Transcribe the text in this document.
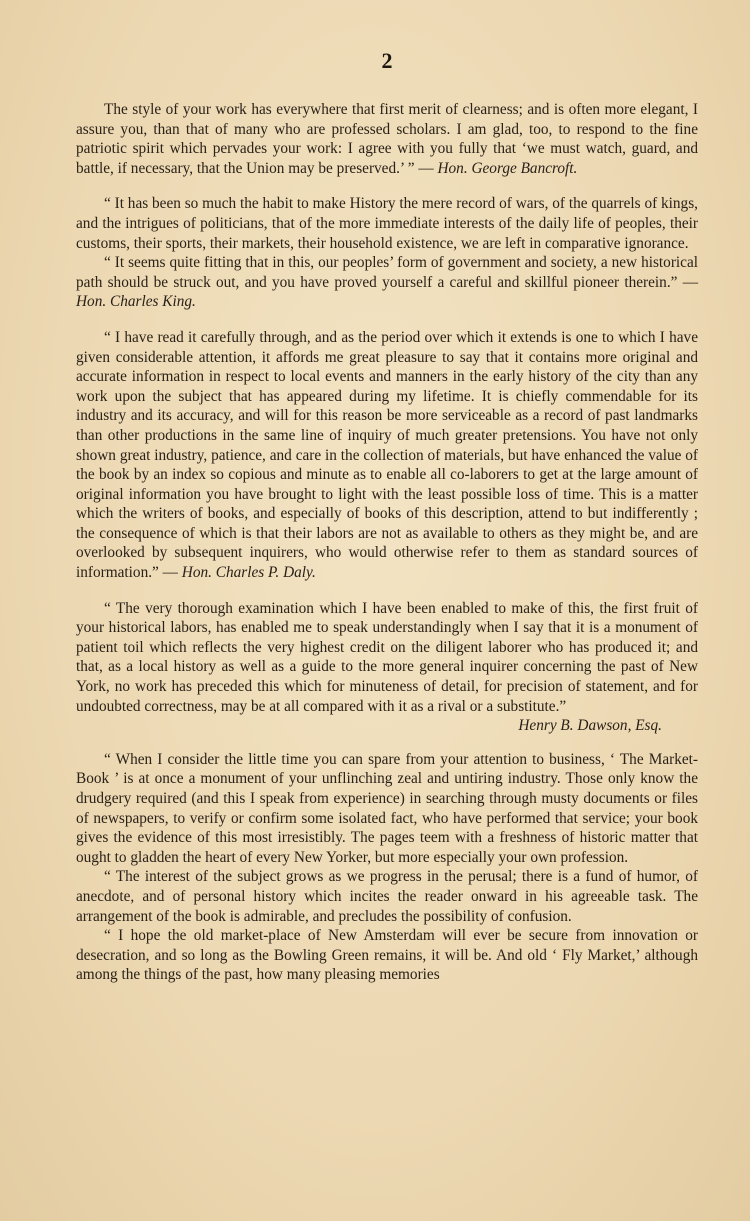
2

The style of your work has everywhere that first merit of clearness; and is often more elegant, I assure you, than that of many who are professed scholars. I am glad, too, to respond to the fine patriotic spirit which pervades your work: I agree with you fully that ‘we must watch, guard, and battle, if necessary, that the Union may be preserved.’ ” — Hon. George Bancroft.

“ It has been so much the habit to make History the mere record of wars, of the quarrels of kings, and the intrigues of politicians, that of the more immediate interests of the daily life of peoples, their customs, their sports, their markets, their household existence, we are left in comparative ignorance.

“ It seems quite fitting that in this, our peoples’ form of government and society, a new historical path should be struck out, and you have proved yourself a careful and skillful pioneer therein.” — Hon. Charles King.

“ I have read it carefully through, and as the period over which it extends is one to which I have given considerable attention, it affords me great pleasure to say that it contains more original and accurate information in respect to local events and manners in the early history of the city than any work upon the subject that has appeared during my lifetime. It is chiefly commendable for its industry and its accuracy, and will for this reason be more serviceable as a record of past landmarks than other productions in the same line of inquiry of much greater pretensions. You have not only shown great industry, patience, and care in the collection of materials, but have enhanced the value of the book by an index so copious and minute as to enable all co-laborers to get at the large amount of original information you have brought to light with the least possible loss of time. This is a matter which the writers of books, and especially of books of this description, attend to but indifferently ; the consequence of which is that their labors are not as available to others as they might be, and are overlooked by subsequent inquirers, who would otherwise refer to them as standard sources of information.” — Hon. Charles P. Daly.

“ The very thorough examination which I have been enabled to make of this, the first fruit of your historical labors, has enabled me to speak understandingly when I say that it is a monument of patient toil which reflects the very highest credit on the diligent laborer who has produced it; and that, as a local history as well as a guide to the more general inquirer concerning the past of New York, no work has preceded this which for minuteness of detail, for precision of statement, and for undoubted correctness, may be at all compared with it as a rival or a substitute.”

Henry B. Dawson, Esq.

“ When I consider the little time you can spare from your attention to business, ‘ The Market-Book ’ is at once a monument of your unflinching zeal and untiring industry. Those only know the drudgery required (and this I speak from experience) in searching through musty documents or files of newspapers, to verify or confirm some isolated fact, who have performed that service; your book gives the evidence of this most irresistibly. The pages teem with a freshness of historic matter that ought to gladden the heart of every New Yorker, but more especially your own profession.

“ The interest of the subject grows as we progress in the perusal; there is a fund of humor, of anecdote, and of personal history which incites the reader onward in his agreeable task. The arrangement of the book is admirable, and precludes the possibility of confusion.

“ I hope the old market-place of New Amsterdam will ever be secure from innovation or desecration, and so long as the Bowling Green remains, it will be. And old ‘ Fly Market,’ although among the things of the past, how many pleasing memories
